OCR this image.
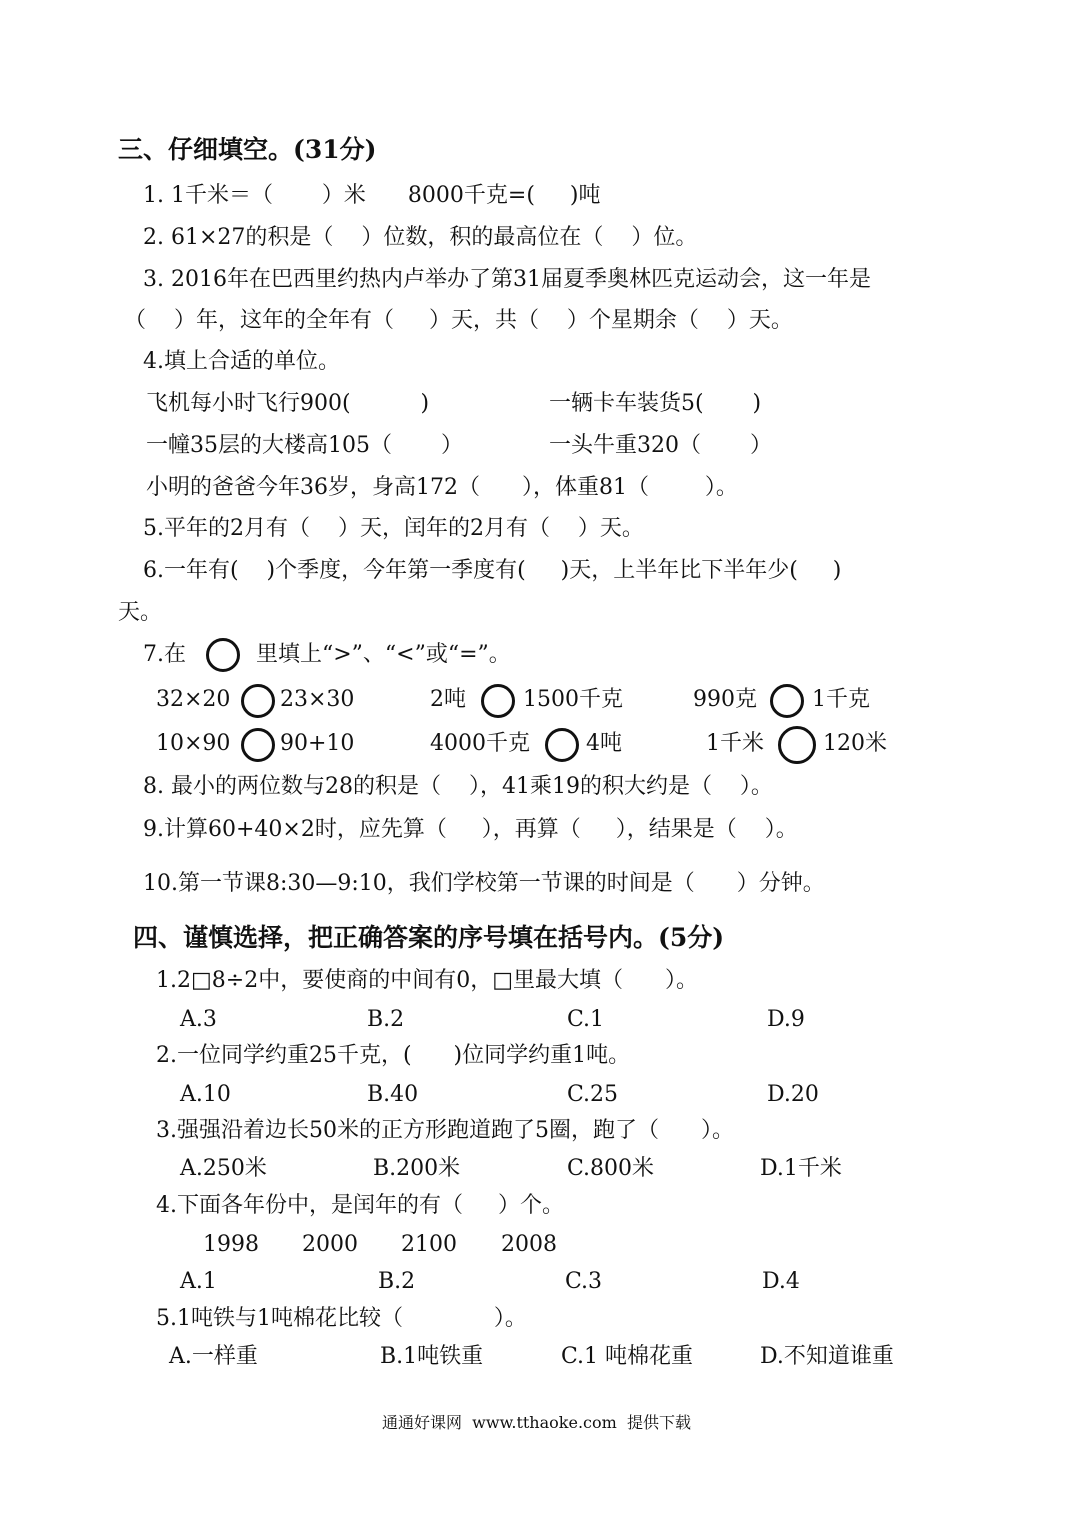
三、仔细填空。(31分)
1. 1千米＝（       ）米      8000千克=(     )吨
2. 61×27的积是（    ）位数，积的最高位在（    ）位。
3. 2016年在巴西里约热内卢举办了第31届夏季奥林匹克运动会，这一年是
（    ）年，这年的全年有（     ）天，共（    ）个星期余（    ）天。
4.填上合适的单位。
飞机每小时飞行900(          )	一辆卡车装货5(       )
一幢35层的大楼高105（       ）	一头牛重320（       ）
小明的爸爸今年36岁，身高172（      ），体重81（        ）。
5.平年的2月有（    ）天，闰年的2月有（    ）天。
6.一年有(    )个季度，今年第一季度有(     )天，上半年比下半年少(     )
天。
7.在	里填上“>”、“<”或“=”。
32×20 23×30	2吨	1500千克	990克	1千克
10×90 90+10	4000千克	4吨	1千米	120米
8. 最小的两位数与28的积是（    ），41乘19的积大约是（    ）。
9.计算60+40×2时，应先算（     ），再算（     ），结果是（    ）。
10.第一节课8:30—9:10，我们学校第一节课的时间是（      ）分钟。
四、谨慎选择，把正确答案的序号填在括号内。(5分)
1.2□8÷2中，要使商的中间有0，□里最大填（      ）。
A.3	B.2	C.1	D.9
2.一位同学约重25千克，(      )位同学约重1吨。
A.10	B.40	C.25	D.20
3.强强沿着边长50米的正方形跑道跑了5圈，跑了（      ）。
A.250米	B.200米	C.800米	D.1千米
4.下面各年份中，是闰年的有（     ）个。
1998 2000 2100 2008
A.1	B.2	C.3	D.4
5.1吨铁与1吨棉花比较（             ）。
A.一样重	B.1吨铁重	C.1 吨棉花重	D.不知道谁重
通通好课网  www.tthaoke.com  提供下载
